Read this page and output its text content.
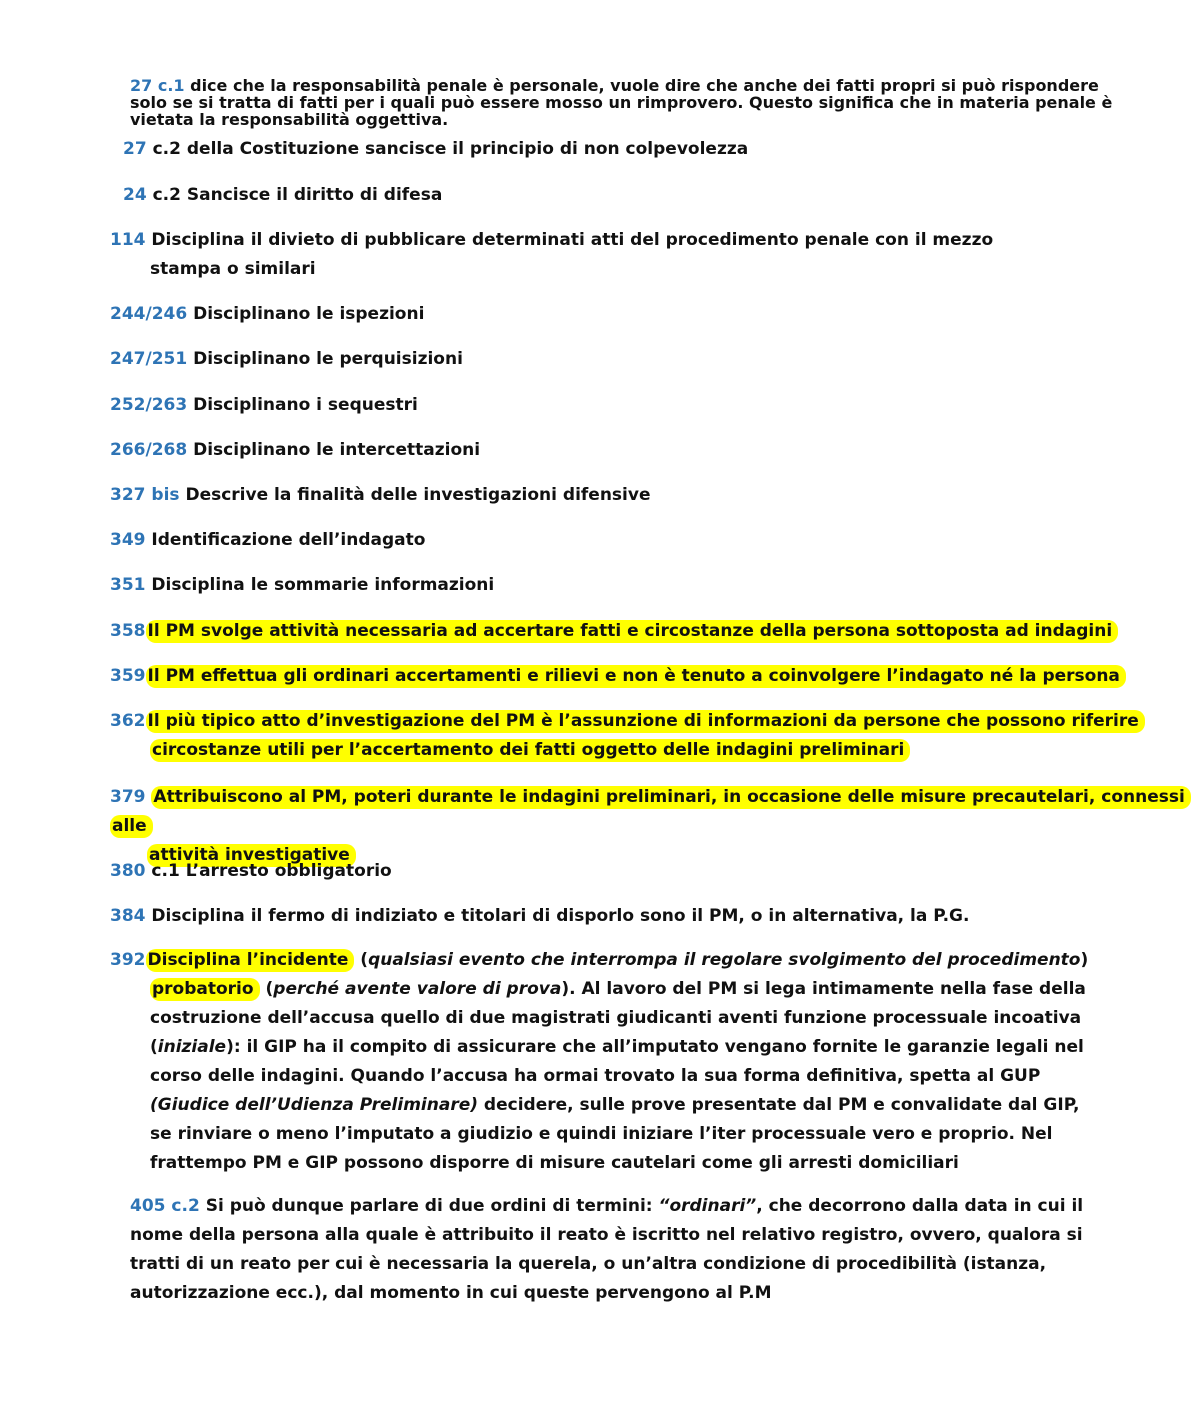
27 c.1 dice che la responsabilità penale è personale, vuole dire che anche dei fatti propri si può rispondere solo se si tratta di fatti per i quali può essere mosso un rimprovero. Questo significa che in materia penale è vietata la responsabilità oggettiva.
27 c.2 della Costituzione sancisce il principio di non colpevolezza
24 c.2 Sancisce il diritto di difesa
114 Disciplina il divieto di pubblicare determinati atti del procedimento penale con il mezzo stampa o similari
244/246 Disciplinano le ispezioni
247/251 Disciplinano le perquisizioni
252/263 Disciplinano i sequestri
266/268 Disciplinano le intercettazioni
327 bis Descrive la finalità delle investigazioni difensive
349 Identificazione dell’indagato
351 Disciplina le sommarie informazioni
358 Il PM svolge attività necessaria ad accertare fatti e circostanze della persona sottoposta ad indagini
359 Il PM effettua gli ordinari accertamenti e rilievi e non è tenuto a coinvolgere l’indagato né la persona
362 Il più tipico atto d’investigazione del PM è l’assunzione di informazioni da persone che possono riferire
circostanze utili per l’accertamento dei fatti oggetto delle indagini preliminari
379 Attribuiscono al PM, poteri durante le indagini preliminari, in occasione delle misure precautelari, connessi alle
attività investigative
380 c.1 L’arresto obbligatorio
384 Disciplina il fermo di indiziato e titolari di disporlo sono il PM, o in alternativa, la P.G.
392 Disciplina l’incidente (qualsiasi evento che interrompa il regolare svolgimento del procedimento) probatorio (perché avente valore di prova). Al lavoro del PM si lega intimamente nella fase della costruzione dell’accusa quello di due magistrati giudicanti aventi funzione processuale incoativa (iniziale): il GIP ha il compito di assicurare che all’imputato vengano fornite le garanzie legali nel corso delle indagini. Quando l’accusa ha ormai trovato la sua forma definitiva, spetta al GUP (Giudice dell’Udienza Preliminare) decidere, sulle prove presentate dal PM e convalidate dal GIP, se rinviare o meno l’imputato a giudizio e quindi iniziare l’iter processuale vero e proprio. Nel frattempo PM e GIP possono disporre di misure cautelari come gli arresti domiciliari
405 c.2 Si può dunque parlare di due ordini di termini: “ordinari”, che decorrono dalla data in cui il nome della persona alla quale è attribuito il reato è iscritto nel relativo registro, ovvero, qualora si tratti di un reato per cui è necessaria la querela, o un’altra condizione di procedibilità (istanza, autorizzazione ecc.), dal momento in cui queste pervengono al P.M
